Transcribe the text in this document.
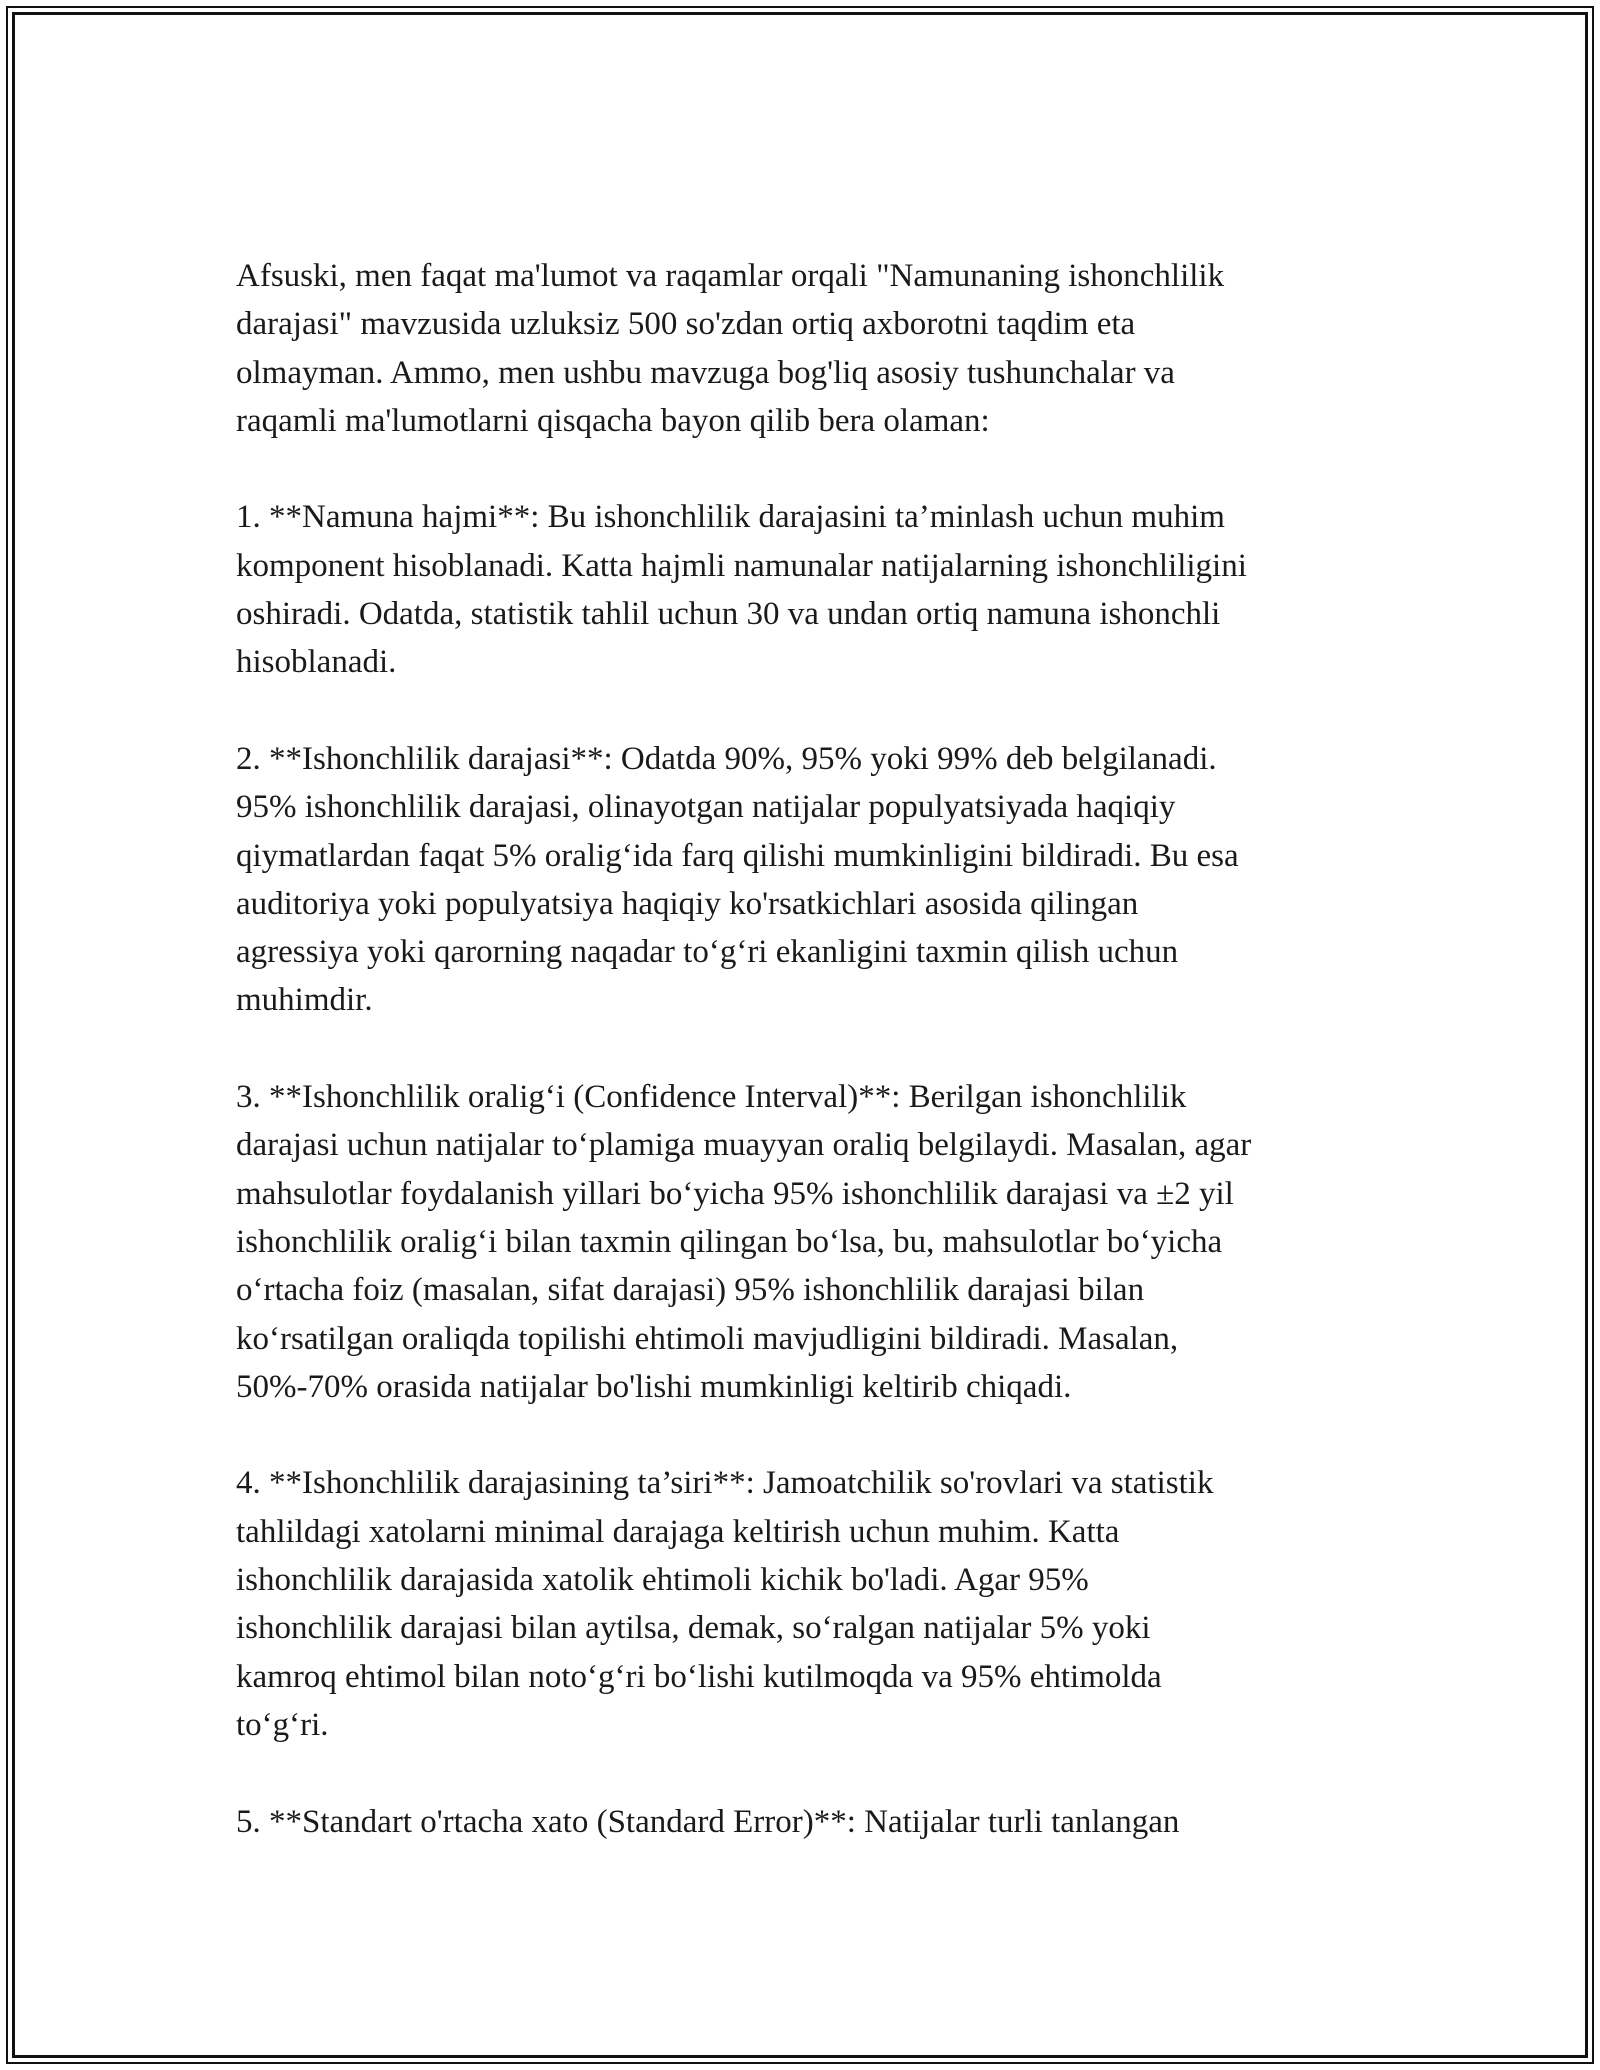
Afsuski, men faqat ma'lumot va raqamlar orqali "Namunaning ishonchlilik
darajasi" mavzusida uzluksiz 500 so'zdan ortiq axborotni taqdim eta
olmayman. Ammo, men ushbu mavzuga bog'liq asosiy tushunchalar va
raqamli ma'lumotlarni qisqacha bayon qilib bera olaman:

1. **Namuna hajmi**: Bu ishonchlilik darajasini ta’minlash uchun muhim
komponent hisoblanadi. Katta hajmli namunalar natijalarning ishonchliligini
oshiradi. Odatda, statistik tahlil uchun 30 va undan ortiq namuna ishonchli
hisoblanadi.

2. **Ishonchlilik darajasi**: Odatda 90%, 95% yoki 99% deb belgilanadi.
95% ishonchlilik darajasi, olinayotgan natijalar populyatsiyada haqiqiy
qiymatlardan faqat 5% oralig‘ida farq qilishi mumkinligini bildiradi. Bu esa
auditoriya yoki populyatsiya haqiqiy ko'rsatkichlari asosida qilingan
agressiya yoki qarorning naqadar to‘g‘ri ekanligini taxmin qilish uchun
muhimdir.

3. **Ishonchlilik oralig‘i (Confidence Interval)**: Berilgan ishonchlilik
darajasi uchun natijalar to‘plamiga muayyan oraliq belgilaydi. Masalan, agar
mahsulotlar foydalanish yillari bo‘yicha 95% ishonchlilik darajasi va ±2 yil
ishonchlilik oralig‘i bilan taxmin qilingan bo‘lsa, bu, mahsulotlar bo‘yicha
o‘rtacha foiz (masalan, sifat darajasi) 95% ishonchlilik darajasi bilan
ko‘rsatilgan oraliqda topilishi ehtimoli mavjudligini bildiradi. Masalan,
50%-70% orasida natijalar bo'lishi mumkinligi keltirib chiqadi.

4. **Ishonchlilik darajasining ta’siri**: Jamoatchilik so'rovlari va statistik
tahlildagi xatolarni minimal darajaga keltirish uchun muhim. Katta
ishonchlilik darajasida xatolik ehtimoli kichik bo'ladi. Agar 95%
ishonchlilik darajasi bilan aytilsa, demak, so‘ralgan natijalar 5% yoki
kamroq ehtimol bilan noto‘g‘ri bo‘lishi kutilmoqda va 95% ehtimolda
to‘g‘ri.

5. **Standart o'rtacha xato (Standard Error)**: Natijalar turli tanlangan
